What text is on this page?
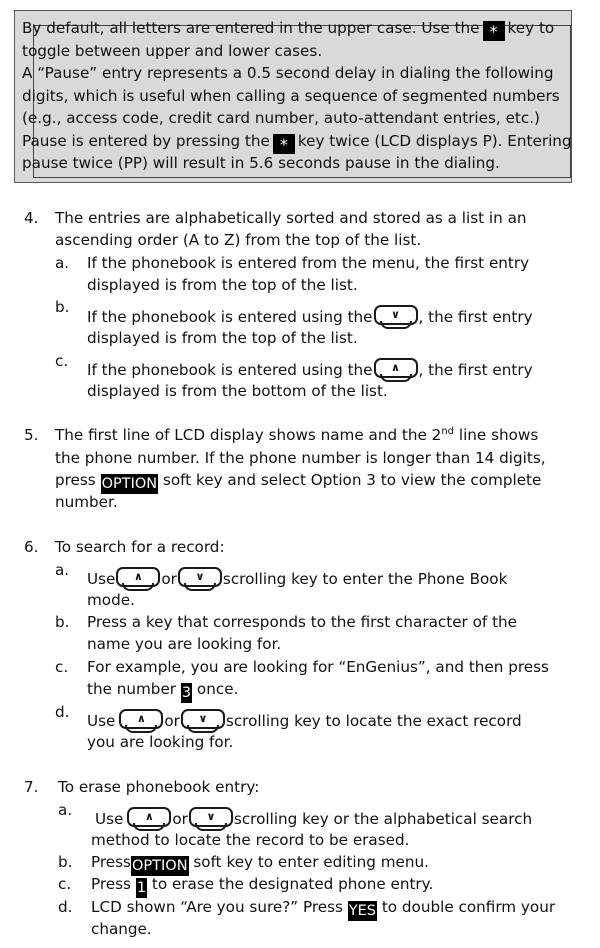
By default, all letters are entered in the upper case. Use the * key to
toggle between upper and lower cases.
A “Pause” entry represents a 0.5 second delay in dialing the following
digits, which is useful when calling a sequence of segmented numbers
(e.g., access code, credit card number, auto-attendant entries, etc.)
Pause is entered by pressing the * key twice (LCD displays P). Entering
pause twice (PP) will result in 5.6 seconds pause in the dialing.
4. The entries are alphabetically sorted and stored as a list in an
ascending order (A to Z) from the top of the list.
a. If the phonebook is entered from the menu, the first entry
displayed is from the top of the list.
b.
If the phonebook is entered using the	∨	, the first entry
displayed is from the top of the list.
c. If the phonebook is entered using the	∧	, the first entry
displayed is from the bottom of the list.
5. The first line of LCD display shows name and the 2nd line shows
the phone number. If the phone number is longer than 14 digits,
press OPTION soft key and select Option 3 to view the complete
number.
6. To search for a record:
a. Use	∧	or	∨	scrolling key to enter the Phone Book
mode.
b. Press a key that corresponds to the first character of the
name you are looking for.
c. For example, you are looking for “EnGenius”, and then press
the number 3 once.
d. Use	∧	or	∨	scrolling key to locate the exact record
you are looking for.
7. To erase phonebook entry:
a. Use	∧	or	∨	scrolling key or the alphabetical search
method to locate the record to be erased.
b. PressOPTION soft key to enter editing menu.
c. Press 1 to erase the designated phone entry.
d. LCD shown “Are you sure?” Press YES to double confirm your
change.
